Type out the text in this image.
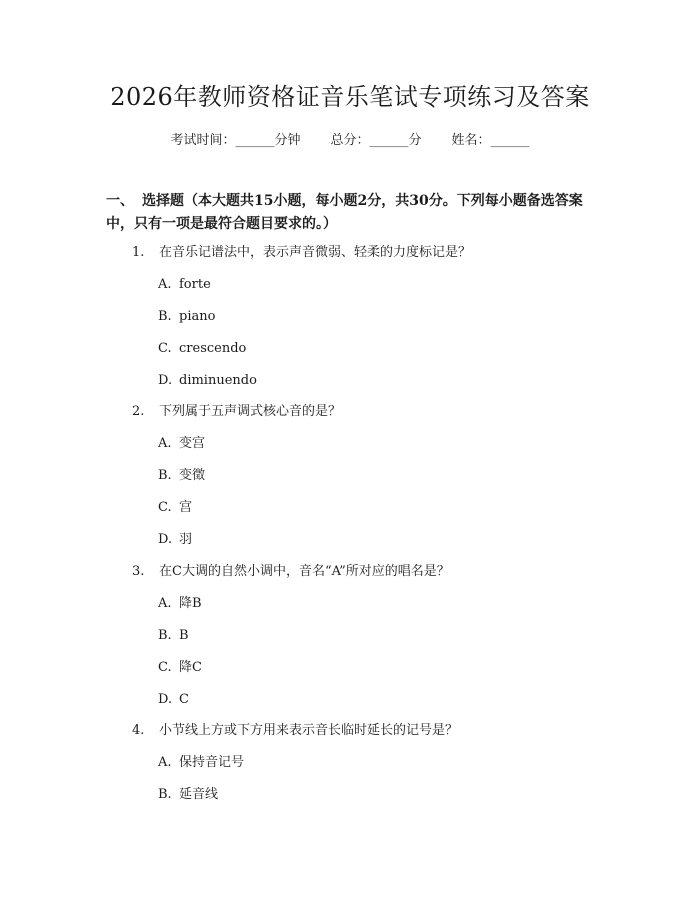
2026年教师资格证音乐笔试专项练习及答案
考试时间：______分钟 总分：______分 姓名：______
一、 选择题（本大题共15小题，每小题2分，共30分。下列每小题备选答案中，只有一项是最符合题目要求的。）
1. 在音乐记谱法中，表示声音微弱、轻柔的力度标记是？
A. forte
B. piano
C. crescendo
D. diminuendo
2. 下列属于五声调式核心音的是？
A. 变宫
B. 变徵
C. 宫
D. 羽
3. 在C大调的自然小调中，音名“A”所对应的唱名是？
A. 降B
B. B
C. 降C
D. C
4. 小节线上方或下方用来表示音长临时延长的记号是？
A. 保持音记号
B. 延音线
